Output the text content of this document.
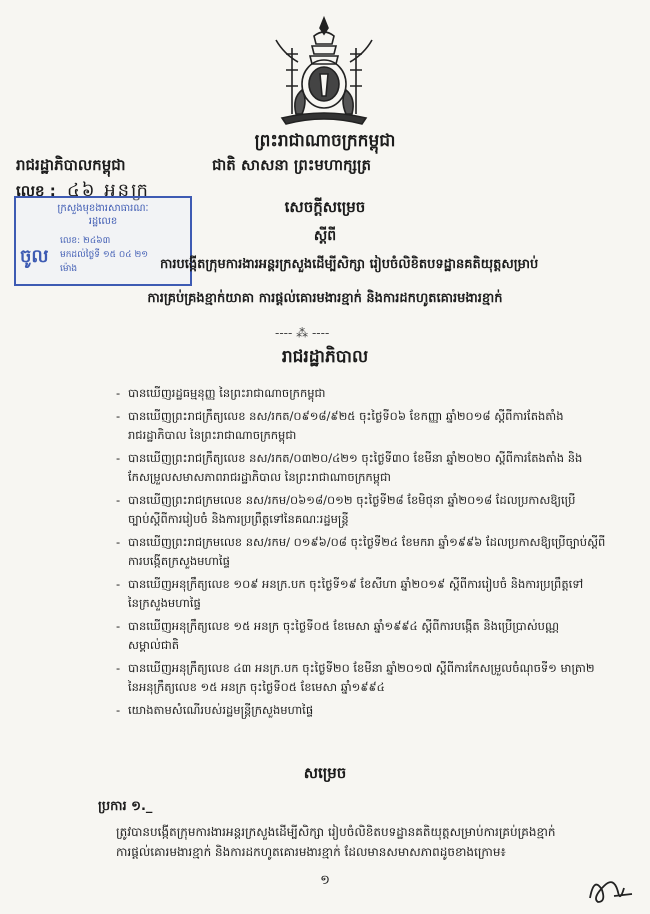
ព្រះរាជាណាចក្រកម្ពុជា
រាជរដ្ឋាភិបាលកម្ពុជា	ជាតិ សាសនា ព្រះមហាក្សត្រ
លេខ : ៤៦ អនក្រ
ក្រសួងមុខងារសាធារណៈ
រដ្ឋលេខ
ចូល
លេខ: ២៤៦៣
មកដល់ថ្ងៃទី ១៥ ០៤ ២១
ម៉ោង
សេចក្តីសម្រេច
ស្តីពី
ការបង្កើតក្រុមការងារអន្តរក្រសួងដើម្បីសិក្សា រៀបចំលិខិតបទដ្ឋានគតិយុត្តសម្រាប់
ការគ្រប់គ្រងខ្មាក់យាគា ការផ្តល់គោរមងារខ្មាក់ និងការដកហូតគោរមងារខ្មាក់
---- ⁂ ----
រាជរដ្ឋាភិបាល
- បានឃើញរដ្ឋធម្មនុញ្ញ នៃព្រះរាជាណាចក្រកម្ពុជា
- បានឃើញព្រះរាជក្រឹត្យលេខ នស/រកត/០៩១៨/៩២៥ ចុះថ្ងៃទី០៦ ខែកញ្ញា ឆ្នាំ២០១៨ ស្តីពីការតែងតាំង
រាជរដ្ឋាភិបាល នៃព្រះរាជាណាចក្រកម្ពុជា
- បានឃើញព្រះរាជក្រឹត្យលេខ នស/រកត/០៣២០/៤២១ ចុះថ្ងៃទី៣០ ខែមីនា ឆ្នាំ២០២០ ស្តីពីការតែងតាំង និង
កែសម្រួលសមាសភាពរាជរដ្ឋាភិបាល នៃព្រះរាជាណាចក្រកម្ពុជា
- បានឃើញព្រះរាជក្រមលេខ នស/រកម/០៦១៨/០១២ ចុះថ្ងៃទី២៨ ខែមិថុនា ឆ្នាំ២០១៨ ដែលប្រកាសឱ្យប្រើ
ច្បាប់ស្តីពីការរៀបចំ និងការប្រព្រឹត្តទៅនៃគណៈរដ្ឋមន្ត្រី
- បានឃើញព្រះរាជក្រមលេខ នស/រកម/ ០១៩៦/០៨ ចុះថ្ងៃទី២៤ ខែមករា ឆ្នាំ១៩៩៦ ដែលប្រកាសឱ្យប្រើច្បាប់ស្តីពី
ការបង្កើតក្រសួងមហាផ្ទៃ
- បានឃើញអនុក្រឹត្យលេខ ១០៩ អនក្រ.បក ចុះថ្ងៃទី១៩ ខែសីហា ឆ្នាំ២០១៩ ស្តីពីការរៀបចំ និងការប្រព្រឹត្តទៅ
នៃក្រសួងមហាផ្ទៃ
- បានឃើញអនុក្រឹត្យលេខ ១៥ អនក្រ ចុះថ្ងៃទី០៥ ខែមេសា ឆ្នាំ១៩៩៤ ស្តីពីការបង្កើត និងប្រើប្រាស់បណ្ណ
សម្គាល់ជាតិ
- បានឃើញអនុក្រឹត្យលេខ ៤៣ អនក្រ.បក ចុះថ្ងៃទី២០ ខែមីនា ឆ្នាំ២០១៧ ស្តីពីការកែសម្រួលចំណុចទី១ មាត្រា២
នៃអនុក្រឹត្យលេខ ១៥ អនក្រ ចុះថ្ងៃទី០៥ ខែមេសា ឆ្នាំ១៩៩៤
- យោងតាមសំណើរបស់រដ្ឋមន្ត្រីក្រសួងមហាផ្ទៃ
សម្រេច
ប្រការ ១._
ត្រូវបានបង្កើតក្រុមការងារអន្តរក្រសួងដើម្បីសិក្សា រៀបចំលិខិតបទដ្ឋានគតិយុត្តសម្រាប់ការគ្រប់គ្រងខ្មាក់
ការផ្តល់គោរមងារខ្មាក់ និងការដកហូតគោរមងារខ្មាក់ ដែលមានសមាសភាពដូចខាងក្រោម៖
១
